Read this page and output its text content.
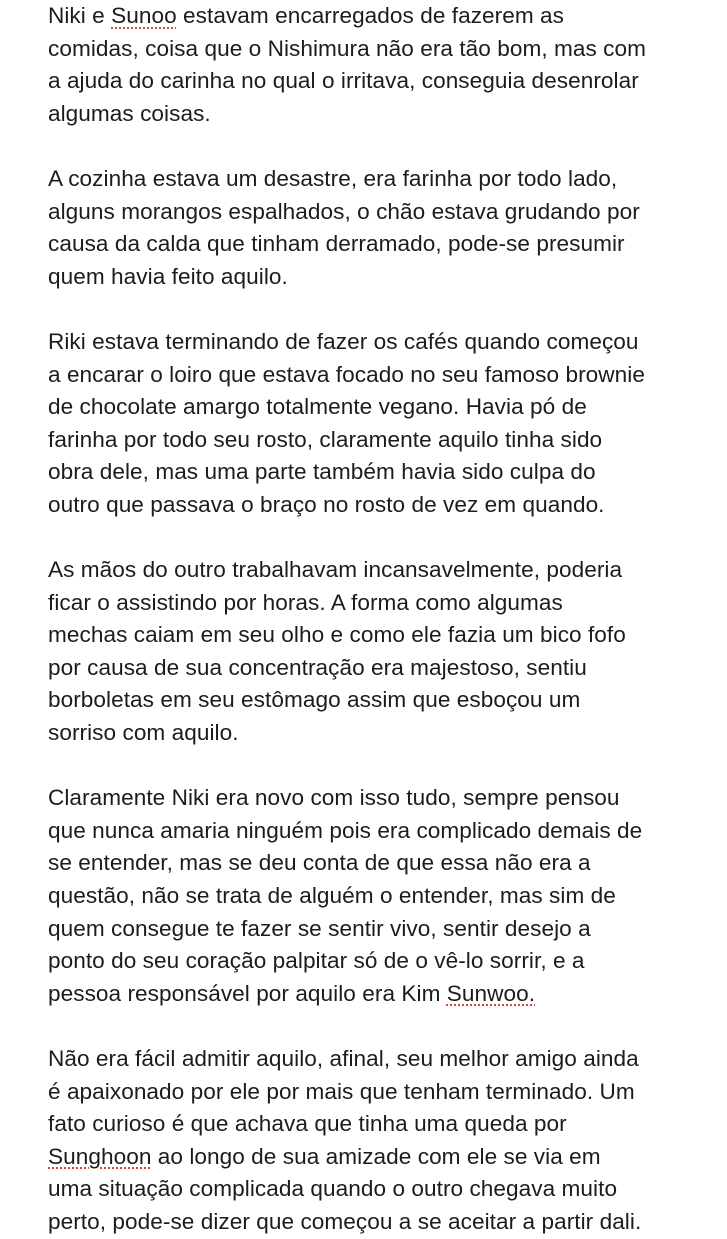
Niki e Sunoo estavam encarregados de fazerem as
comidas, coisa que o Nishimura não era tão bom, mas com
a ajuda do carinha no qual o irritava, conseguia desenrolar
algumas coisas.
A cozinha estava um desastre, era farinha por todo lado,
alguns morangos espalhados, o chão estava grudando por
causa da calda que tinham derramado, pode-se presumir
quem havia feito aquilo.
Riki estava terminando de fazer os cafés quando começou
a encarar o loiro que estava focado no seu famoso brownie
de chocolate amargo totalmente vegano. Havia pó de
farinha por todo seu rosto, claramente aquilo tinha sido
obra dele, mas uma parte também havia sido culpa do
outro que passava o braço no rosto de vez em quando.
As mãos do outro trabalhavam incansavelmente, poderia
ficar o assistindo por horas. A forma como algumas
mechas caiam em seu olho e como ele fazia um bico fofo
por causa de sua concentração era majestoso, sentiu
borboletas em seu estômago assim que esboçou um
sorriso com aquilo.
Claramente Niki era novo com isso tudo, sempre pensou
que nunca amaria ninguém pois era complicado demais de
se entender, mas se deu conta de que essa não era a
questão, não se trata de alguém o entender, mas sim de
quem consegue te fazer se sentir vivo, sentir desejo a
ponto do seu coração palpitar só de o vê-lo sorrir, e a
pessoa responsável por aquilo era Kim Sunwoo.
Não era fácil admitir aquilo, afinal, seu melhor amigo ainda
é apaixonado por ele por mais que tenham terminado. Um
fato curioso é que achava que tinha uma queda por
Sunghoon ao longo de sua amizade com ele se via em
uma situação complicada quando o outro chegava muito
perto, pode-se dizer que começou a se aceitar a partir dali.
